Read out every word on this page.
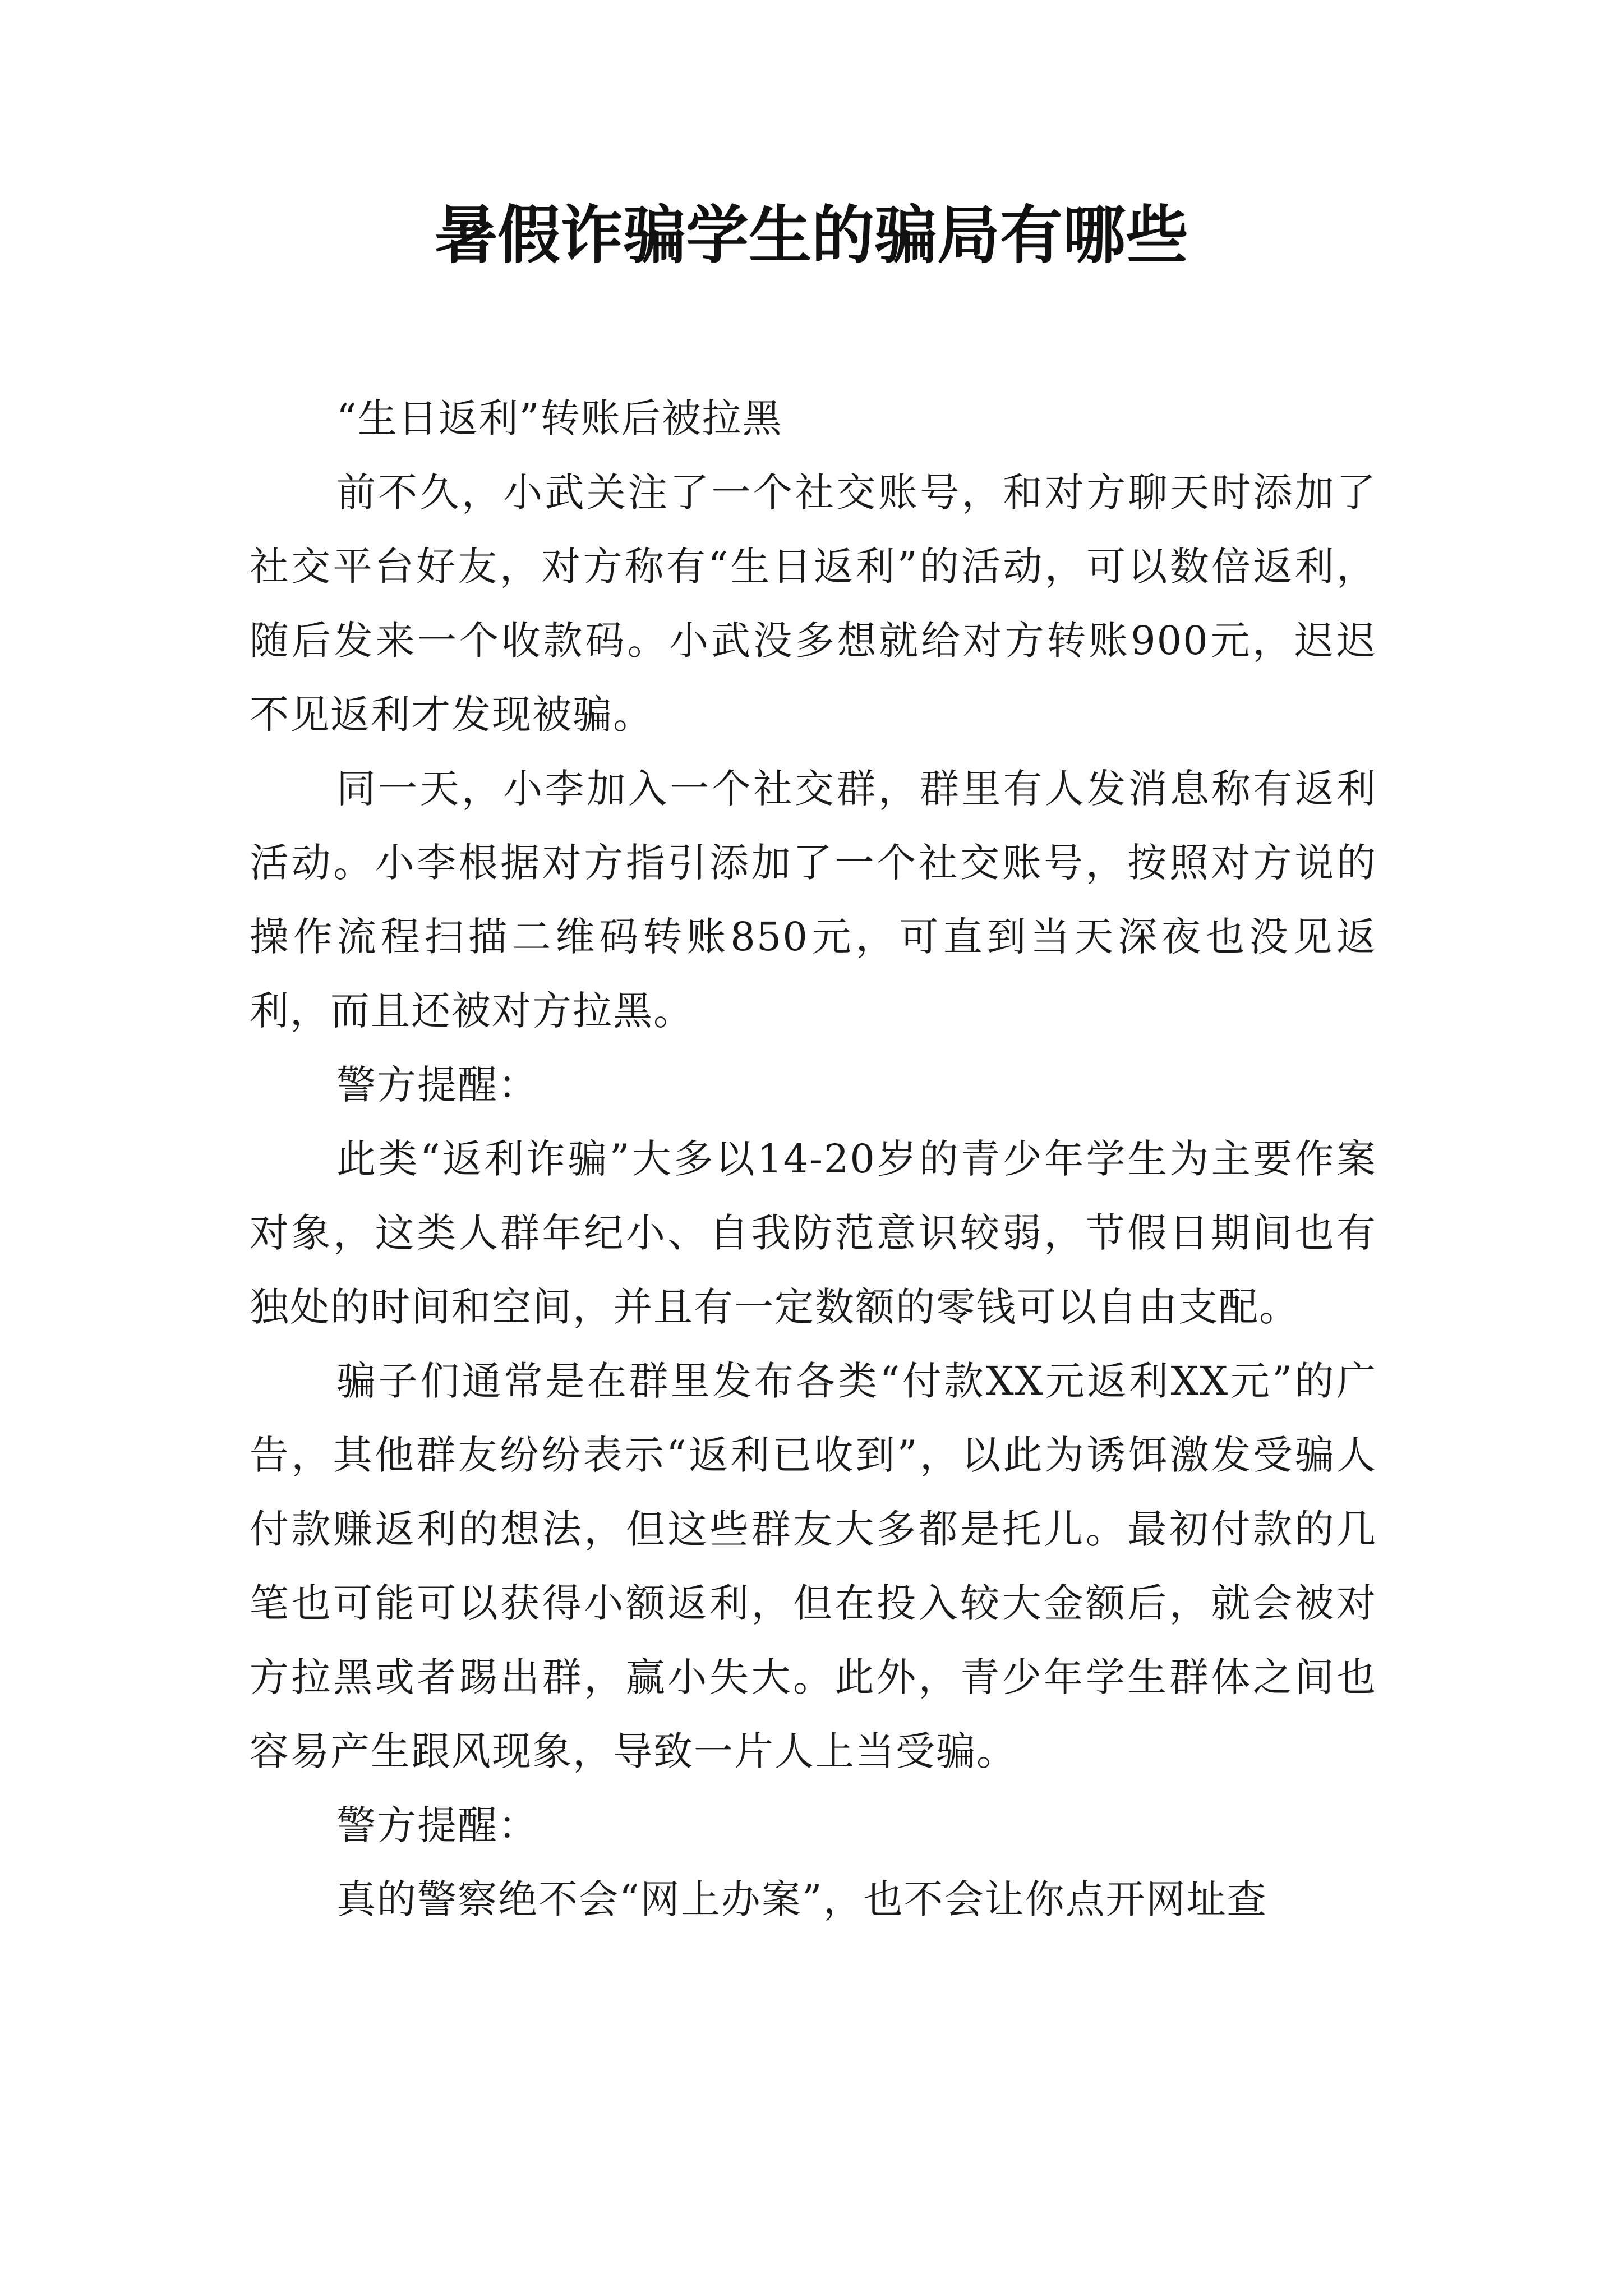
暑假诈骗学生的骗局有哪些

“生日返利”转账后被拉黑

前不久，小武关注了一个社交账号，和对方聊天时添加了社交平台好友，对方称有“生日返利”的活动，可以数倍返利，随后发来一个收款码。小武没多想就给对方转账900元，迟迟不见返利才发现被骗。

同一天，小李加入一个社交群，群里有人发消息称有返利活动。小李根据对方指引添加了一个社交账号，按照对方说的操作流程扫描二维码转账850元，可直到当天深夜也没见返利，而且还被对方拉黑。

警方提醒：

此类“返利诈骗”大多以14-20岁的青少年学生为主要作案对象，这类人群年纪小、自我防范意识较弱，节假日期间也有独处的时间和空间，并且有一定数额的零钱可以自由支配。

骗子们通常是在群里发布各类“付款XX元返利XX元”的广告，其他群友纷纷表示“返利已收到”，以此为诱饵激发受骗人付款赚返利的想法，但这些群友大多都是托儿。最初付款的几笔也可能可以获得小额返利，但在投入较大金额后，就会被对方拉黑或者踢出群，赢小失大。此外，青少年学生群体之间也容易产生跟风现象，导致一片人上当受骗。

警方提醒：

真的警察绝不会“网上办案”，也不会让你点开网址查
